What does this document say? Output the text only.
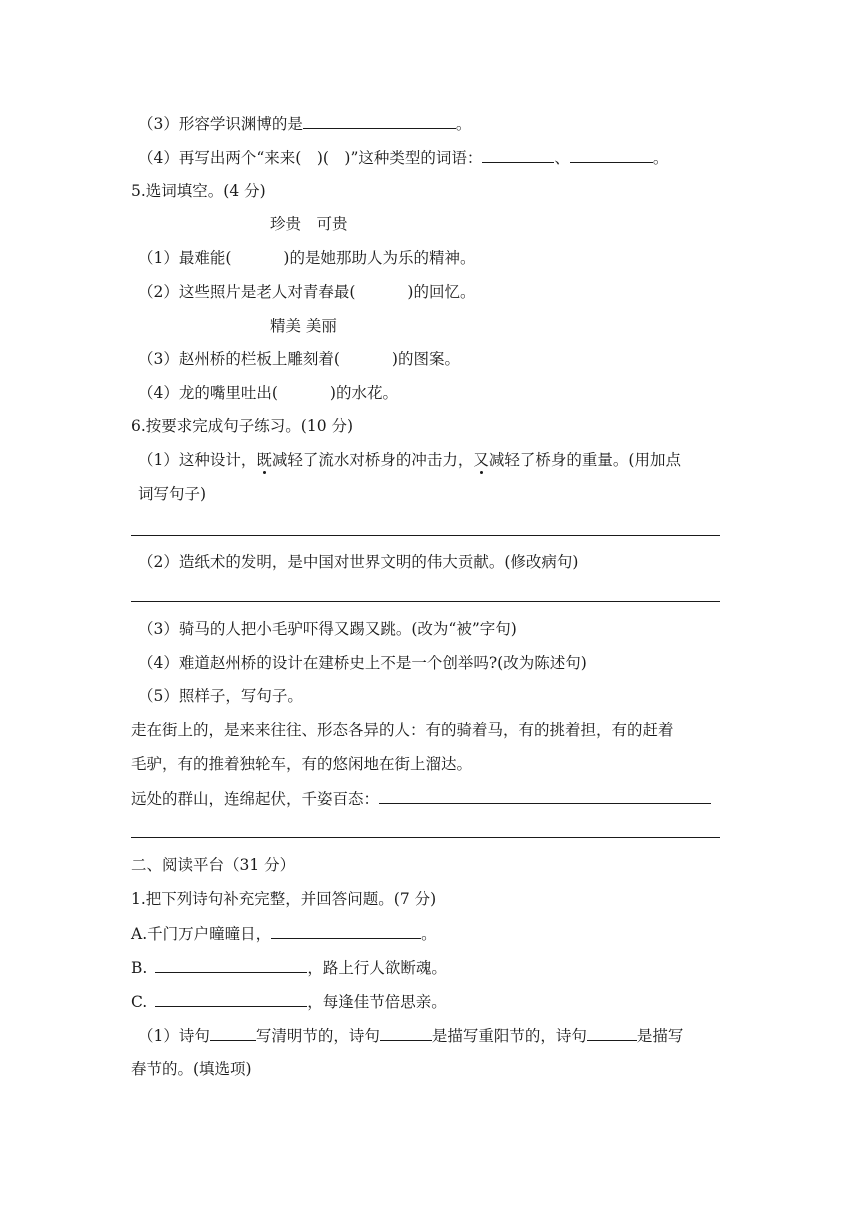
（3）形容学识渊博的是	。
（4）再写出两个“来来(　)(　)”这种类型的词语：	、	。
5.选词填空。(4 分)
珍贵　可贵
（1）最难能(	)的是她那助人为乐的精神。
（2）这些照片是老人对青春最(	)的回忆。
精美 美丽
（3）赵州桥的栏板上雕刻着(	)的图案。
（4）龙的嘴里吐出(	)的水花。
6.按要求完成句子练习。(10 分)
（1）这种设计，既减轻了流水对桥身的冲击力，又减轻了桥身的重量。(用加点
词写句子)
（2）造纸术的发明，是中国对世界文明的伟大贡献。(修改病句)
（3）骑马的人把小毛驴吓得又踢又跳。(改为“被”字句)
（4）难道赵州桥的设计在建桥史上不是一个创举吗?(改为陈述句)
（5）照样子，写句子。
走在街上的，是来来往往、形态各异的人：有的骑着马，有的挑着担，有的赶着
毛驴，有的推着独轮车，有的悠闲地在街上溜达。
远处的群山，连绵起伏，千姿百态：
二、阅读平台（31 分）
1.把下列诗句补充完整，并回答问题。(7 分)
A.千门万户曈曈日，	。
B.	，路上行人欲断魂。
C.	，每逢佳节倍思亲。
（1）诗句	写清明节的，诗句	是描写重阳节的，诗句	是描写
春节的。(填选项)
